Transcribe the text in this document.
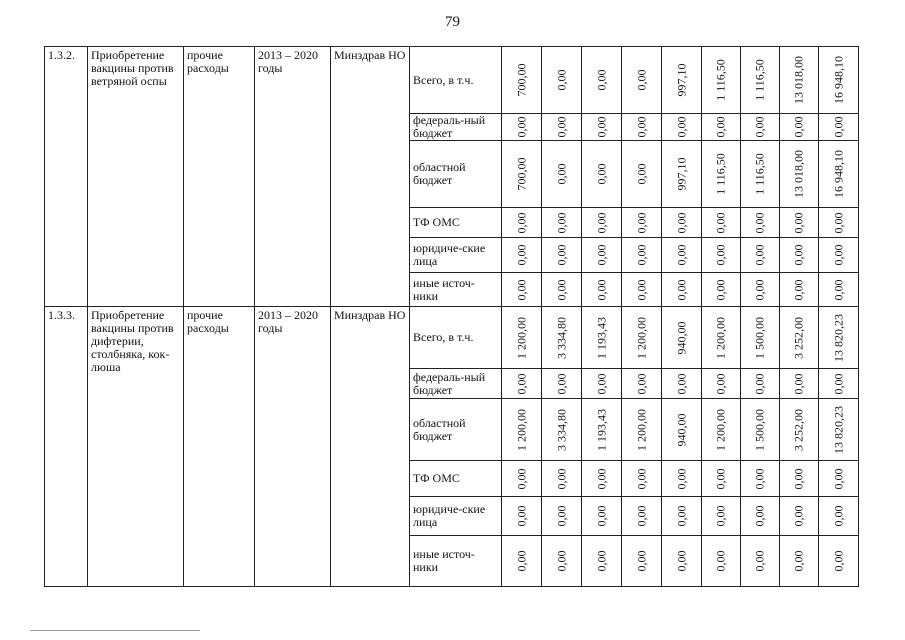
79
1.3.2.	Приобретение вакцины против ветряной оспы	прочие расходы	2013 – 2020 годы	Минздрав НО	Всего, в т.ч.	700,00	0,00	0,00	0,00	997,10	1 116,50	1 116,50	13 018,00	16 948,10

					федераль-ный бюджет	0,00	0,00	0,00	0,00	0,00	0,00	0,00	0,00	0,00

					областной бюджет	700,00	0,00	0,00	0,00	997,10	1 116,50	1 116,50	13 018,00	16 948,10

					ТФ ОМС	0,00	0,00	0,00	0,00	0,00	0,00	0,00	0,00	0,00

					юридиче-ские лица	0,00	0,00	0,00	0,00	0,00	0,00	0,00	0,00	0,00

					иные источ-ники	0,00	0,00	0,00	0,00	0,00	0,00	0,00	0,00	0,00

1.3.3.	Приобретение вакцины против дифтерии, столбняка, кок-люша	прочие расходы	2013 – 2020 годы	Минздрав НО	Всего, в т.ч.	1 200,00	3 334,80	1 193,43	1 200,00	940,00	1 200,00	1 500,00	3 252,00	13 820,23

					федераль-ный бюджет	0,00	0,00	0,00	0,00	0,00	0,00	0,00	0,00	0,00

					областной бюджет	1 200,00	3 334,80	1 193,43	1 200,00	940,00	1 200,00	1 500,00	3 252,00	13 820,23

					ТФ ОМС	0,00	0,00	0,00	0,00	0,00	0,00	0,00	0,00	0,00

					юридиче-ские лица	0,00	0,00	0,00	0,00	0,00	0,00	0,00	0,00	0,00

					иные источ-ники	0,00	0,00	0,00	0,00	0,00	0,00	0,00	0,00	0,00
